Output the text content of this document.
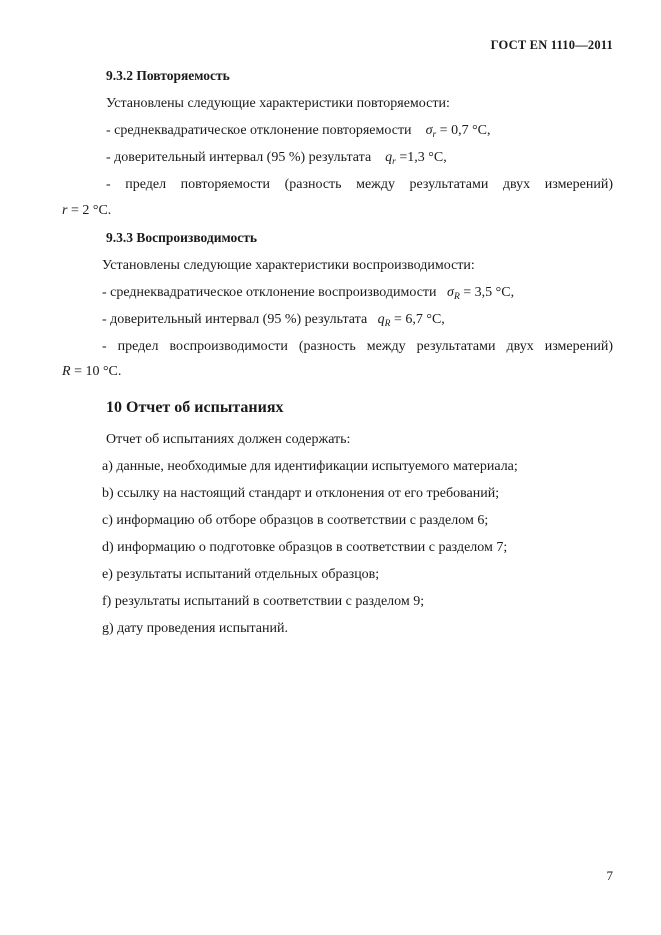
ГОСТ EN 1110—2011
9.3.2 Повторяемость
Установлены следующие характеристики повторяемости:
- среднеквадратическое отклонение повторяемости $\sigma_r = 0,7$ °C,
- доверительный интервал (95 %) результата $q_r =1,3$ °C,
- предел повторяемости (разность между результатами двух измерений)
r = 2 °C.
9.3.3 Воспроизводимость
Установлены следующие характеристики воспроизводимости:
- среднеквадратическое отклонение воспроизводимости $\sigma_R = 3,5$ °C,
- доверительный интервал (95 %) результата $q_R = 6,7$ °C,
- предел воспроизводимости (разность между результатами двух измерений)
R = 10 °C.
10 Отчет об испытаниях
Отчет об испытаниях должен содержать:
a) данные, необходимые для идентификации испытуемого материала;
b) ссылку на настоящий стандарт и отклонения от его требований;
c) информацию об отборе образцов в соответствии с разделом 6;
d) информацию о подготовке образцов в соответствии с разделом 7;
e) результаты испытаний отдельных образцов;
f) результаты испытаний в соответствии с разделом 9;
g) дату проведения испытаний.
7
